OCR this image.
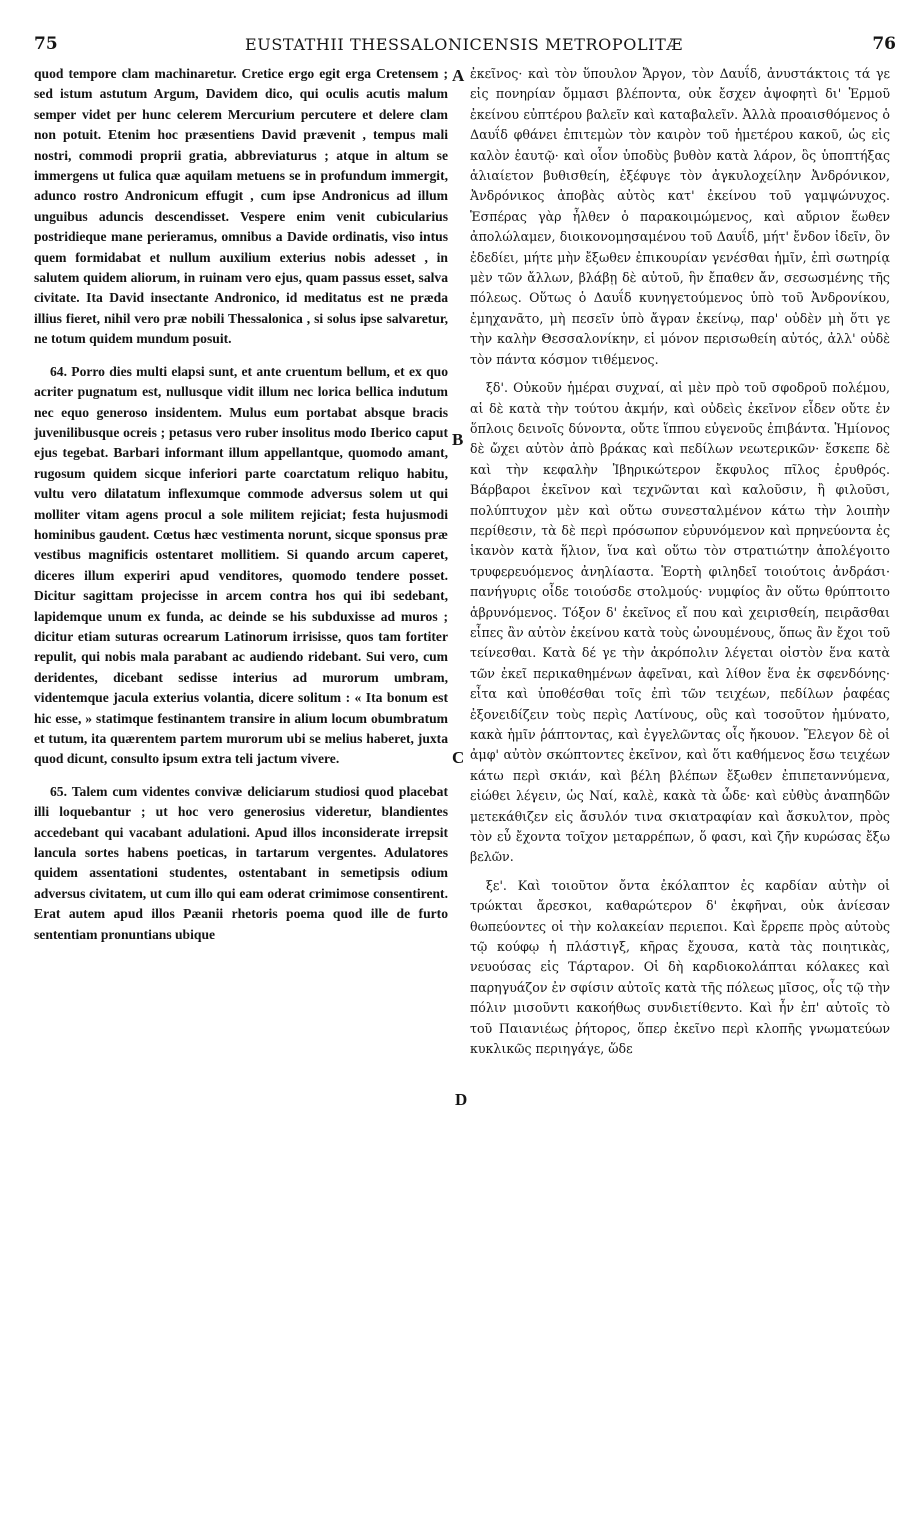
75	EUSTATHII THESSALONICENSIS METROPOLITÆ	76

quod tempore clam machinaretur. Cretice ergo egit erga Cretensem ; sed istum astutum Argum, Davidem dico, qui oculis acutis malum semper videt per hunc celerem Mercurium percutere et delere clam non potuit. Etenim hoc præsentiens David prævenit , tempus mali nostri, commodi proprii gratia, abbreviaturus ; atque in altum se immergens ut fulica quæ aquilam metuens se in profundum immergit, adunco rostro Andronicum effugit , cum ipse Andronicus ad illum unguibus aduncis descendisset. Vespere enim venit cubicularius postridieque mane perieramus, omnibus a Davide ordinatis, viso intus quem formidabat et nullum auxilium exterius nobis adesset , in salutem quidem aliorum, in ruinam vero ejus, quam passus esset, salva civitate. Ita David insectante Andronico, id meditatus est ne præda illius fieret, nihil vero præ nobili Thessalonica , si solus ipse salvaretur, ne totum quidem mundum posuit.

64. Porro dies multi elapsi sunt, et ante cruentum bellum, et ex quo acriter pugnatum est, nullusque vidit illum nec lorica bellica indutum nec equo generoso insidentem. Mulus eum portabat absque bracis juvenilibusque ocreis ; petasus vero ruber insolitus modo Iberico caput ejus tegebat. Barbari informant illum appellantque, quomodo amant, rugosum quidem sicque inferiori parte coarctatum reliquo habitu, vultu vero dilatatum inflexumque commode adversus solem ut qui molliter vitam agens procul a sole militem rejiciat; festa hujusmodi hominibus gaudent. Cœtus hæc vestimenta norunt, sicque sponsus præ vestibus magnificis ostentaret mollitiem. Si quando arcum caperet, diceres illum experiri apud venditores, quomodo tendere posset. Dicitur sagittam projecisse in arcem contra hos qui ibi sedebant, lapidemque unum ex funda, ac deinde se his subduxisse ad muros ; dicitur etiam suturas ocrearum Latinorum irrisisse, quos tam fortiter repulit, qui nobis mala parabant ac audiendo ridebant. Sui vero, cum deridentes, dicebant sedisse interius ad murorum umbram, videntemque jacula exterius volantia, dicere solitum : « Ita bonum est hic esse, » statimque festinantem transire in alium locum obumbratum et tutum, ita quærentem partem murorum ubi se melius haberet, juxta quod dicunt, consulto ipsum extra teli jactum vivere.

65. Talem cum videntes convivæ deliciarum studiosi quod placebat illi loquebantur ; ut hoc vero generosius videretur, blandientes accedebant qui vacabant adulationi. Apud illos inconsiderate irrepsit lancula sortes habens poeticas, in tartarum vergentes. Adulatores quidem assentationi studentes, ostentabant in semetipsis odium adversus civitatem, ut cum illo qui eam oderat crimimose consentirent. Erat autem apud illos Pæanii rhetoris poema quod ille de furto sententiam pronuntians ubique

A
B
C
D

ἐκεῖνος· καὶ τὸν ὕπουλον Ἄργον, τὸν Δαυΐδ, ἀνυστάκτοις τά γε εἰς πονηρίαν ὄμμασι βλέποντα, οὐκ ἔσχεν ἀψοφητὶ δι' Ἑρμοῦ ἐκείνου εὐπτέρου βαλεῖν καὶ καταβαλεῖν. Ἀλλὰ προαισθόμενος ὁ Δαυΐδ φθάνει ἐπιτεμὼν τὸν καιρὸν τοῦ ἡμετέρου κακοῦ, ὡς εἰς καλὸν ἑαυτῷ· καὶ οἷον ὑποδὺς βυθὸν κατὰ λάρον, ὃς ὑποπτήξας ἁλιαίετον βυθισθείη, ἐξέφυγε τὸν ἀγκυλοχείλην Ἀνδρόνικον, Ἀνδρόνικος ἀποβὰς αὐτὸς κατ' ἐκείνου τοῦ γαμψώνυχος. Ἑσπέρας γὰρ ἦλθεν ὁ παρακοιμώμενος, καὶ αὔριον ἕωθεν ἀπολώλαμεν, διοικονομησαμένου τοῦ Δαυΐδ, μήτ' ἔνδον ἰδεῖν, ὃν ἐδεδίει, μήτε μὴν ἔξωθεν ἐπικουρίαν γενέσθαι ἡμῖν, ἐπὶ σωτηρίᾳ μὲν τῶν ἄλλων, βλάβῃ δὲ αὐτοῦ, ἣν ἔπαθεν ἄν, σεσωσμένης τῆς πόλεως. Οὕτως ὁ Δαυΐδ κυνηγετούμενος ὑπὸ τοῦ Ἀνδρονίκου, ἐμηχανᾶτο, μὴ πεσεῖν ὑπὸ ἄγραν ἐκείνῳ, παρ' οὐδὲν μὴ ὅτι γε τὴν καλὴν Θεσσαλονίκην, εἰ μόνον περισωθείη αὐτός, ἀλλ' οὐδὲ τὸν πάντα κόσμον τιθέμενος.

ξδ'. Οὐκοῦν ἡμέραι συχναί, αἱ μὲν πρὸ τοῦ σφοδροῦ πολέμου, αἱ δὲ κατὰ τὴν τούτου ἀκμήν, καὶ οὐδεὶς ἐκεῖνον εἶδεν οὔτε ἐν ὅπλοις δεινοῖς δύνοντα, οὔτε ἵππου εὐγενοῦς ἐπιβάντα. Ἡμίονος δὲ ὤχει αὐτὸν ἀπὸ βράκας καὶ πεδίλων νεωτερικῶν· ἔσκεπε δὲ καὶ τὴν κεφαλὴν Ἰβηρικώτερον ἔκφυλος πῖλος ἐρυθρός. Βάρβαροι ἐκεῖνον καὶ τεχνῶνται καὶ καλοῦσιν, ἢ φιλοῦσι, πολύπτυχον μὲν καὶ οὕτω συνεσταλμένον κάτω τὴν λοιπὴν περίθεσιν, τὰ δὲ περὶ πρόσωπον εὐρυνόμενον καὶ πρηνεύοντα ἐς ἱκανὸν κατὰ ἥλιον, ἵνα καὶ οὕτω τὸν στρατιώτην ἀπολέγοιτο τρυφερευόμενος ἀνηλίαστα. Ἑορτὴ φιληδεῖ τοιούτοις ἀνδράσι· πανήγυρις οἶδε τοιούσδε στολμούς· νυμφίος ἂν οὕτω θρύπτοιτο ἁβρυνόμενος. Τόξον δ' ἐκεῖνος εἴ που καὶ χειρισθείη, πειρᾶσθαι εἶπες ἂν αὐτὸν ἐκείνου κατὰ τοὺς ὠνουμένους, ὅπως ἂν ἔχοι τοῦ τείνεσθαι. Κατὰ δέ γε τὴν ἀκρόπολιν λέγεται οἰστὸν ἕνα κατὰ τῶν ἐκεῖ περικαθημένων ἀφεῖναι, καὶ λίθον ἕνα ἐκ σφενδόνης· εἶτα καὶ ὑποθέσθαι τοῖς ἐπὶ τῶν τειχέων, πεδίλων ῥαφέας ἐξονειδίζειν τοὺς περὶς Λατίνους, οὓς καὶ τοσοῦτον ἠμύνατο, κακὰ ἡμῖν ῥάπτοντας, καὶ ἐγγελῶντας οἷς ἤκουον. Ἔλεγον δὲ οἱ ἀμφ' αὐτὸν σκώπτοντες ἐκεῖνον, καὶ ὅτι καθήμενος ἔσω τειχέων κάτω περὶ σκιάν, καὶ βέλη βλέπων ἔξωθεν ἐπιπεταννύμενα, εἰώθει λέγειν, ὡς Ναί, καλὲ, κακὰ τὰ ὧδε· καὶ εὐθὺς ἀναπηδῶν μετεκάθιζεν εἰς ἄσυλόν τινα σκιατραφίαν καὶ ἄσκυλτον, πρὸς τὸν εὖ ἔχοντα τοῖχον μεταρρέπων, ὅ φασι, καὶ ζῆν κυρώσας ἔξω βελῶν.

ξε'. Καὶ τοιοῦτον ὄντα ἐκόλαπτον ἐς καρδίαν αὐτὴν οἱ τρώκται ἄρεσκοι, καθαρώτερον δ' ἐκφῆναι, οὐκ ἀνίεσαν θωπεύοντες οἱ τὴν κολακείαν περιεποι. Καὶ ἔρρεπε πρὸς αὐτοὺς τῷ κούφῳ ἡ πλάστιγξ, κῆρας ἔχουσα, κατὰ τὰς ποιητικὰς, νευούσας εἰς Τάρταρον. Οἱ δὴ καρδιοκολάπται κόλακες καὶ παρηγυάζον ἐν σφίσιν αὐτοῖς κατὰ τῆς πόλεως μῖσος, οἷς τῷ τὴν πόλιν μισοῦντι κακοήθως συνδιετίθεντο. Καὶ ἦν ἐπ' αὐτοῖς τὸ τοῦ Παιανιέως ῥήτορος, ὅπερ ἐκεῖνο περὶ κλοπῆς γνωματεύων κυκλικῶς περιηγάγε, ὥδε
